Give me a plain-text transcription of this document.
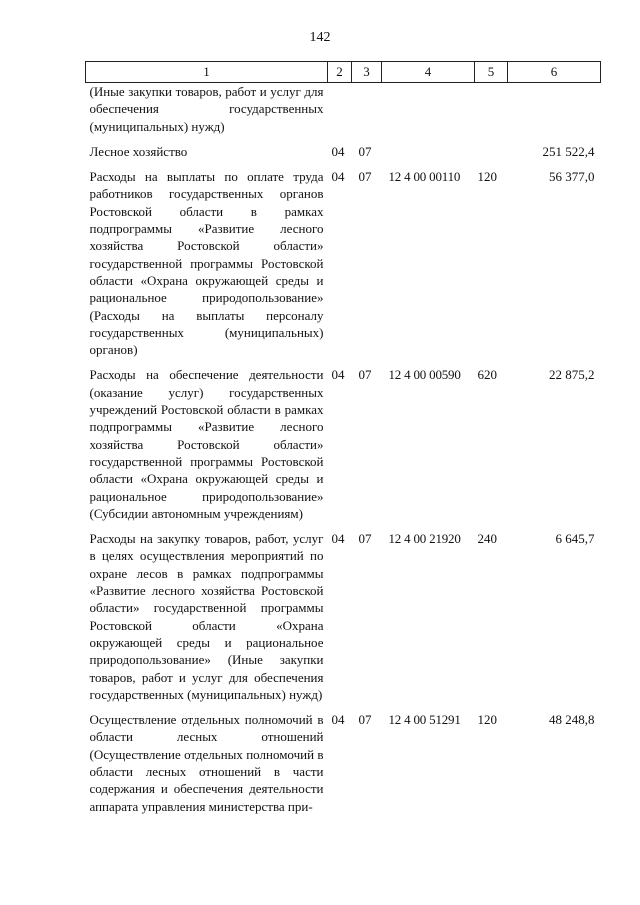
142
1	2	3	4	5	6
(Иные закупки товаров, работ и услуг для обеспечения государственных (муниципальных) нужд)					

Лесное хозяйство	04	07			251 522,4

Расходы на выплаты по оплате труда работников государственных органов Ростовской области в рамках подпрограммы «Развитие лесного хозяйства Ростовской области» государственной программы Ростовской области «Охрана окружающей среды и рациональное природопользование» (Расходы на выплаты персоналу государственных (муниципальных) органов)	04	07	12 4 00 00110	120	56 377,0

Расходы на обеспечение деятельности (оказание услуг) государственных учреждений Ростовской области в рамках подпрограммы «Развитие лесного хозяйства Ростовской области» государственной программы Ростовской области «Охрана окружающей среды и рациональное природопользование» (Субсидии автономным учреждениям)	04	07	12 4 00 00590	620	22 875,2

Расходы на закупку товаров, работ, услуг в целях осуществления мероприятий по охране лесов в рамках подпрограммы «Развитие лесного хозяйства Ростовской области» государственной программы Ростовской области «Охрана окружающей среды и рациональное природопользование» (Иные закупки товаров, работ и услуг для обеспечения государственных (муниципальных) нужд)	04	07	12 4 00 21920	240	6 645,7

Осуществление отдельных полномочий в области лесных отношений (Осуществление отдельных полномочий в области лесных отношений в части содержания и обеспечения деятельности аппарата управления министерства при-	04	07	12 4 00 51291	120	48 248,8
